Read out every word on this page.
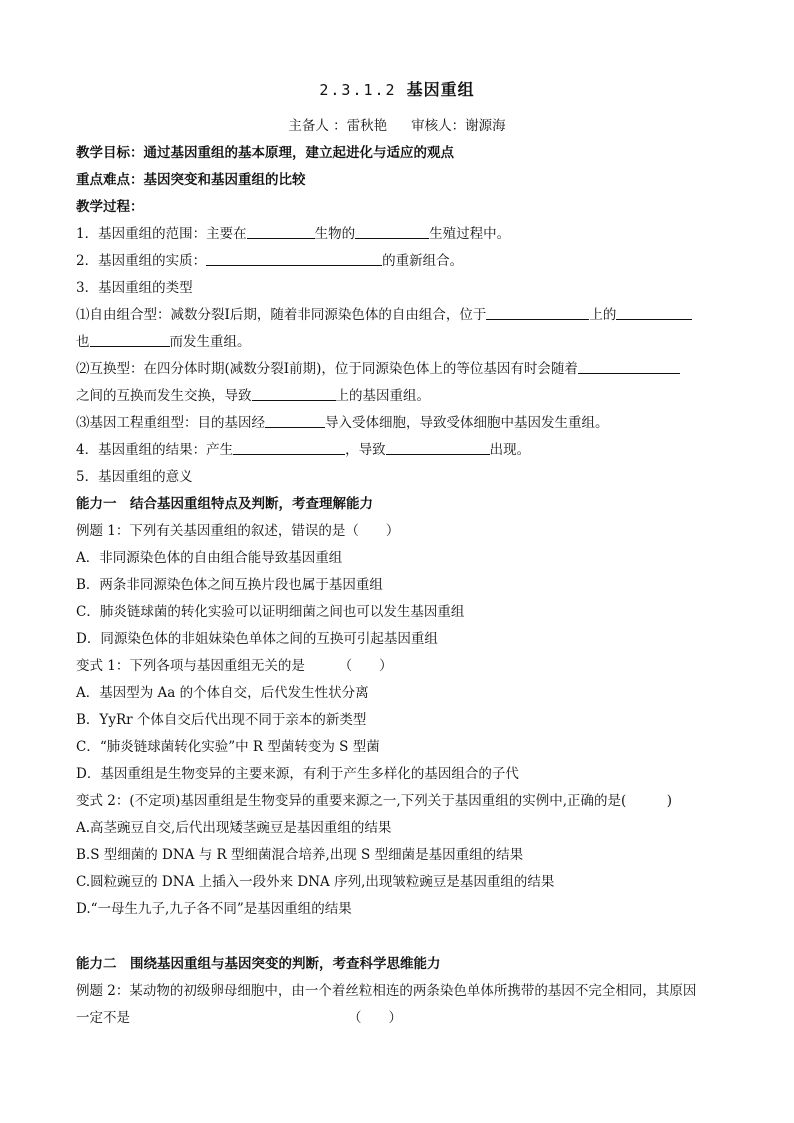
2.3.1.2 基因重组
主备人 ：雷秋艳 审核人：谢源海
教学目标：通过基因重组的基本原理，建立起进化与适应的观点
重点难点：基因突变和基因重组的比较
教学过程：
1．基因重组的范围：主要在	生物的	生殖过程中。
2．基因重组的实质：	的重新组合。
3．基因重组的类型
⑴自由组合型：减数分裂Ⅰ后期，随着非同源染色体的自由组合，位于	上的
也	而发生重组。
⑵互换型：在四分体时期(减数分裂Ⅰ前期)，位于同源染色体上的等位基因有时会随着
之间的互换而发生交换，导致	上的基因重组。
⑶基因工程重组型：目的基因经	导入受体细胞，导致受体细胞中基因发生重组。
4．基因重组的结果：产生	，导致	出现。
5．基因重组的意义
能力一　结合基因重组特点及判断，考查理解能力
例题 1：下列有关基因重组的叙述，错误的是（　　）
A．非同源染色体的自由组合能导致基因重组
B．两条非同源染色体之间互换片段也属于基因重组
C．肺炎链球菌的转化实验可以证明细菌之间也可以发生基因重组
D．同源染色体的非姐妹染色单体之间的互换可引起基因重组
变式 1：下列各项与基因重组无关的是　　　（　　）
A．基因型为 Aa 的个体自交，后代发生性状分离
B．YyRr 个体自交后代出现不同于亲本的新类型
C．“肺炎链球菌转化实验”中 R 型菌转变为 S 型菌
D．基因重组是生物变异的主要来源，有利于产生多样化的基因组合的子代
变式 2：(不定项)基因重组是生物变异的重要来源之一,下列关于基因重组的实例中,正确的是(　　　)
A.高茎豌豆自交,后代出现矮茎豌豆是基因重组的结果
B.S 型细菌的 DNA 与 R 型细菌混合培养,出现 S 型细菌是基因重组的结果
C.圆粒豌豆的 DNA 上插入一段外来 DNA 序列,出现皱粒豌豆是基因重组的结果
D.“一母生九子,九子各不同”是基因重组的结果
能力二　围绕基因重组与基因突变的判断，考查科学思维能力
例题 2：某动物的初级卵母细胞中，由一个着丝粒相连的两条染色单体所携带的基因不完全相同，其原因
一定不是	（　　）
